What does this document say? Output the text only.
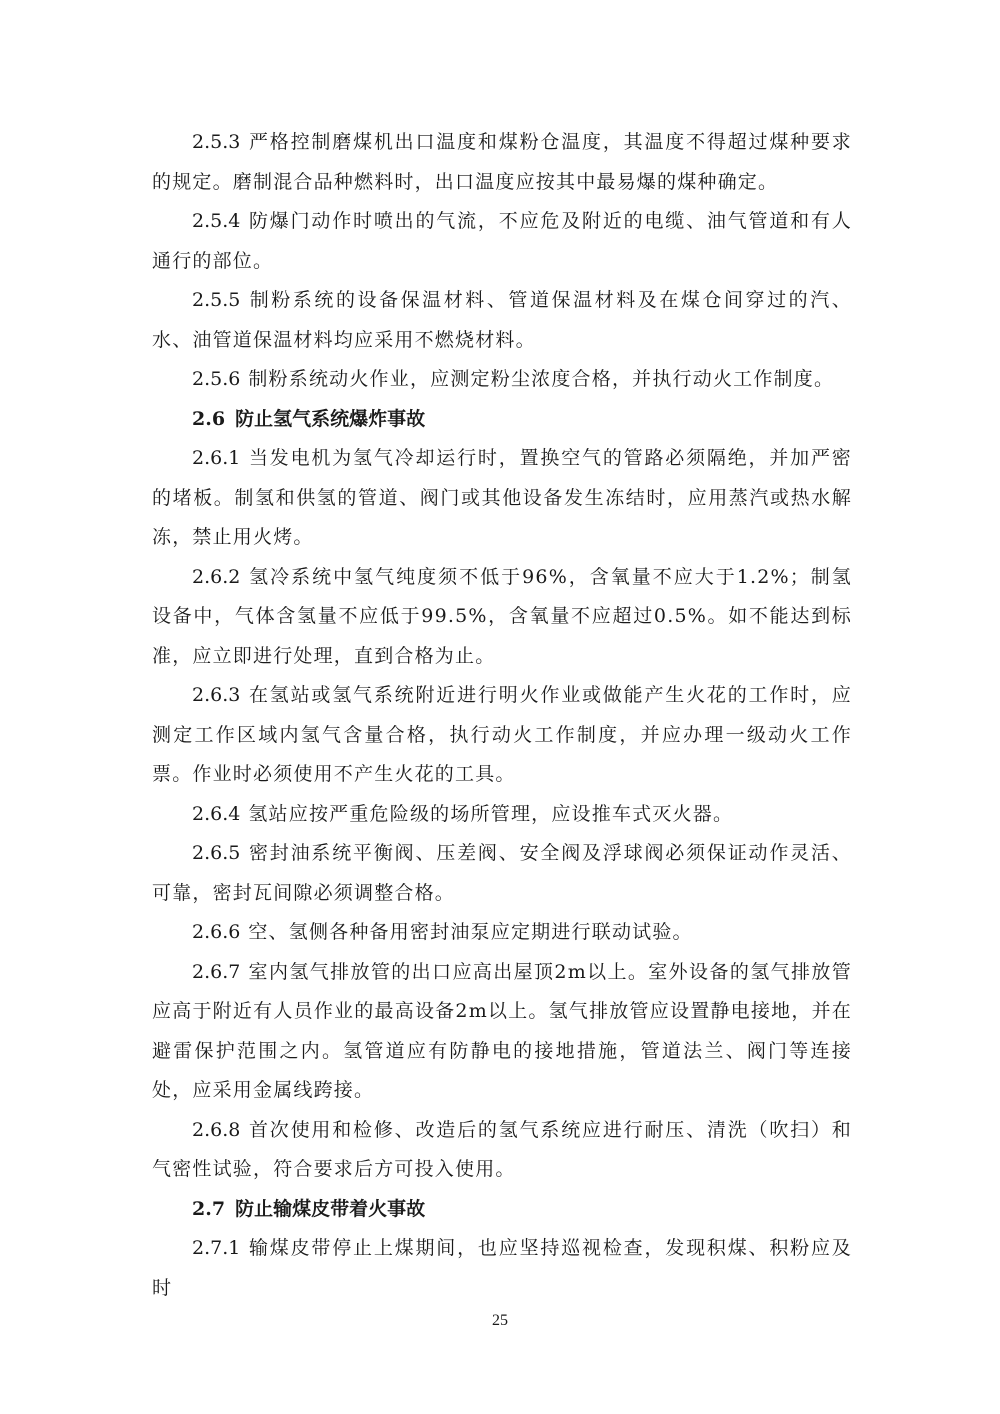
2.5.3 严格控制磨煤机出口温度和煤粉仓温度，其温度不得超过煤种要求的规定。磨制混合品种燃料时，出口温度应按其中最易爆的煤种确定。

2.5.4 防爆门动作时喷出的气流，不应危及附近的电缆、油气管道和有人通行的部位。

2.5.5 制粉系统的设备保温材料、管道保温材料及在煤仓间穿过的汽、水、油管道保温材料均应采用不燃烧材料。

2.5.6 制粉系统动火作业，应测定粉尘浓度合格，并执行动火工作制度。

2.6 防止氢气系统爆炸事故

2.6.1 当发电机为氢气冷却运行时，置换空气的管路必须隔绝，并加严密的堵板。制氢和供氢的管道、阀门或其他设备发生冻结时，应用蒸汽或热水解冻，禁止用火烤。

2.6.2 氢冷系统中氢气纯度须不低于96%，含氧量不应大于1.2%；制氢设备中，气体含氢量不应低于99.5%，含氧量不应超过0.5%。如不能达到标准，应立即进行处理，直到合格为止。

2.6.3 在氢站或氢气系统附近进行明火作业或做能产生火花的工作时，应测定工作区域内氢气含量合格，执行动火工作制度，并应办理一级动火工作票。作业时必须使用不产生火花的工具。

2.6.4 氢站应按严重危险级的场所管理，应设推车式灭火器。

2.6.5 密封油系统平衡阀、压差阀、安全阀及浮球阀必须保证动作灵活、可靠，密封瓦间隙必须调整合格。

2.6.6 空、氢侧各种备用密封油泵应定期进行联动试验。

2.6.7 室内氢气排放管的出口应高出屋顶2m以上。室外设备的氢气排放管应高于附近有人员作业的最高设备2m以上。氢气排放管应设置静电接地，并在避雷保护范围之内。氢管道应有防静电的接地措施，管道法兰、阀门等连接处，应采用金属线跨接。

2.6.8 首次使用和检修、改造后的氢气系统应进行耐压、清洗（吹扫）和气密性试验，符合要求后方可投入使用。

2.7 防止输煤皮带着火事故

2.7.1 输煤皮带停止上煤期间，也应坚持巡视检查，发现积煤、积粉应及时

25
